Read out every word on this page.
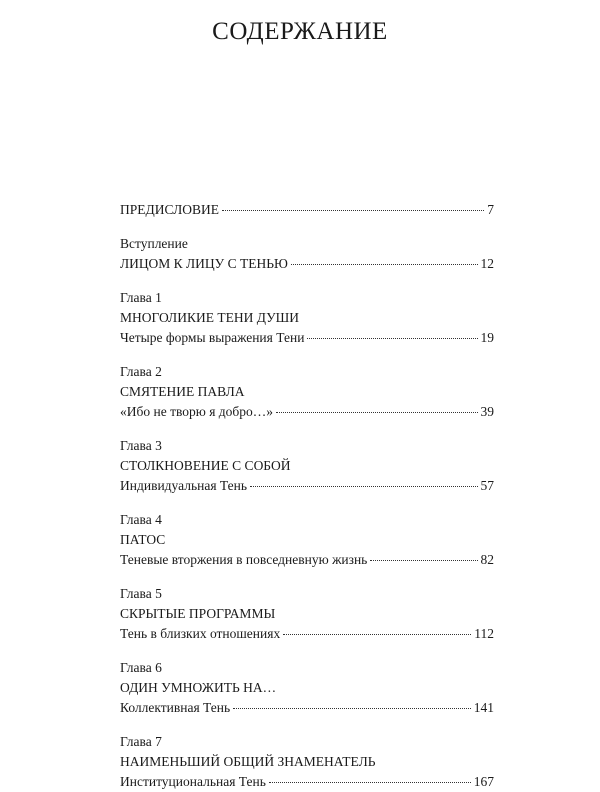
СОДЕРЖАНИЕ
ПРЕДИСЛОВИЕ	7
Вступление
ЛИЦОМ К ЛИЦУ С ТЕНЬЮ	12
Глава 1
МНОГОЛИКИЕ ТЕНИ ДУШИ
Четыре формы выражения Тени	19
Глава 2
СМЯТЕНИЕ ПАВЛА
«Ибо не творю я добро…»	39
Глава 3
СТОЛКНОВЕНИЕ С СОБОЙ
Индивидуальная Тень	57
Глава 4
ПАТОС
Теневые вторжения в повседневную жизнь	82
Глава 5
СКРЫТЫЕ ПРОГРАММЫ
Тень в близких отношениях	112
Глава 6
ОДИН УМНОЖИТЬ НА…
Коллективная Тень	141
Глава 7
НАИМЕНЬШИЙ ОБЩИЙ ЗНАМЕНАТЕЛЬ
Институциональная Тень	167
